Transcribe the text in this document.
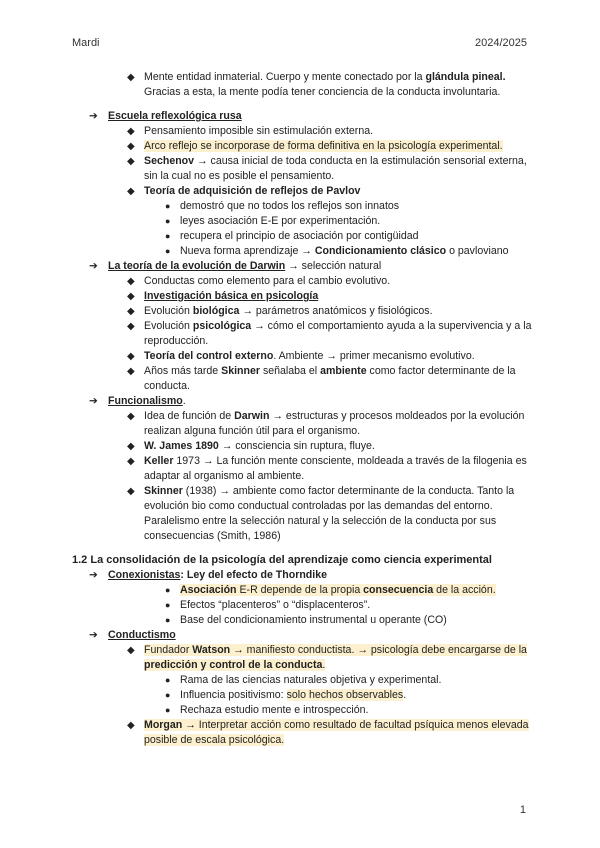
Mardi	2024/2025
◆ Mente entidad inmaterial. Cuerpo y mente conectado por la glándula pineal. Gracias a esta, la mente podía tener conciencia de la conducta involuntaria.
➔ Escuela reflexológica rusa
◆ Pensamiento imposible sin estimulación externa.
◆ Arco reflejo se incorporase de forma definitiva en la psicología experimental.
◆ Sechenov → causa inicial de toda conducta en la estimulación sensorial externa, sin la cual no es posible el pensamiento.
◆ Teoría de adquisición de reflejos de Pavlov
● demostró que no todos los reflejos son innatos
● leyes asociación E-E por experimentación.
● recupera el principio de asociación por contigüidad
● Nueva forma aprendizaje → Condicionamiento clásico o pavloviano
➔ La teoría de la evolución de Darwin → selección natural
◆ Conductas como elemento para el cambio evolutivo.
◆ Investigación básica en psicología
◆ Evolución biológica → parámetros anatómicos y fisiológicos.
◆ Evolución psicológica → cómo el comportamiento ayuda a la supervivencia y a la reproducción.
◆ Teoría del control externo. Ambiente → primer mecanismo evolutivo.
◆ Años más tarde Skinner señalaba el ambiente como factor determinante de la conducta.
➔ Funcionalismo.
◆ Idea de función de Darwin → estructuras y procesos moldeados por la evolución realizan alguna función útil para el organismo.
◆ W. James 1890 → consciencia sin ruptura, fluye.
◆ Keller 1973 → La función mente consciente, moldeada a través de la filogenia es adaptar al organismo al ambiente.
◆ Skinner (1938) → ambiente como factor determinante de la conducta. Tanto la evolución bio como conductual controladas por las demandas del entorno. Paralelismo entre la selección natural y la selección de la conducta por sus consecuencias (Smith, 1986)
1.2 La consolidación de la psicología del aprendizaje como ciencia experimental
➔ Conexionistas: Ley del efecto de Thorndike
● Asociación E-R depende de la propia consecuencia de la acción.
● Efectos “placenteros” o “displacenteros”.
● Base del condicionamiento instrumental u operante (CO)
➔ Conductismo
◆ Fundador Watson → manifiesto conductista. → psicología debe encargarse de la predicción y control de la conducta.
● Rama de las ciencias naturales objetiva y experimental.
● Influencia positivismo: solo hechos observables.
● Rechaza estudio mente e introspección.
◆ Morgan → Interpretar acción como resultado de facultad psíquica menos elevada posible de escala psicológica.
1
